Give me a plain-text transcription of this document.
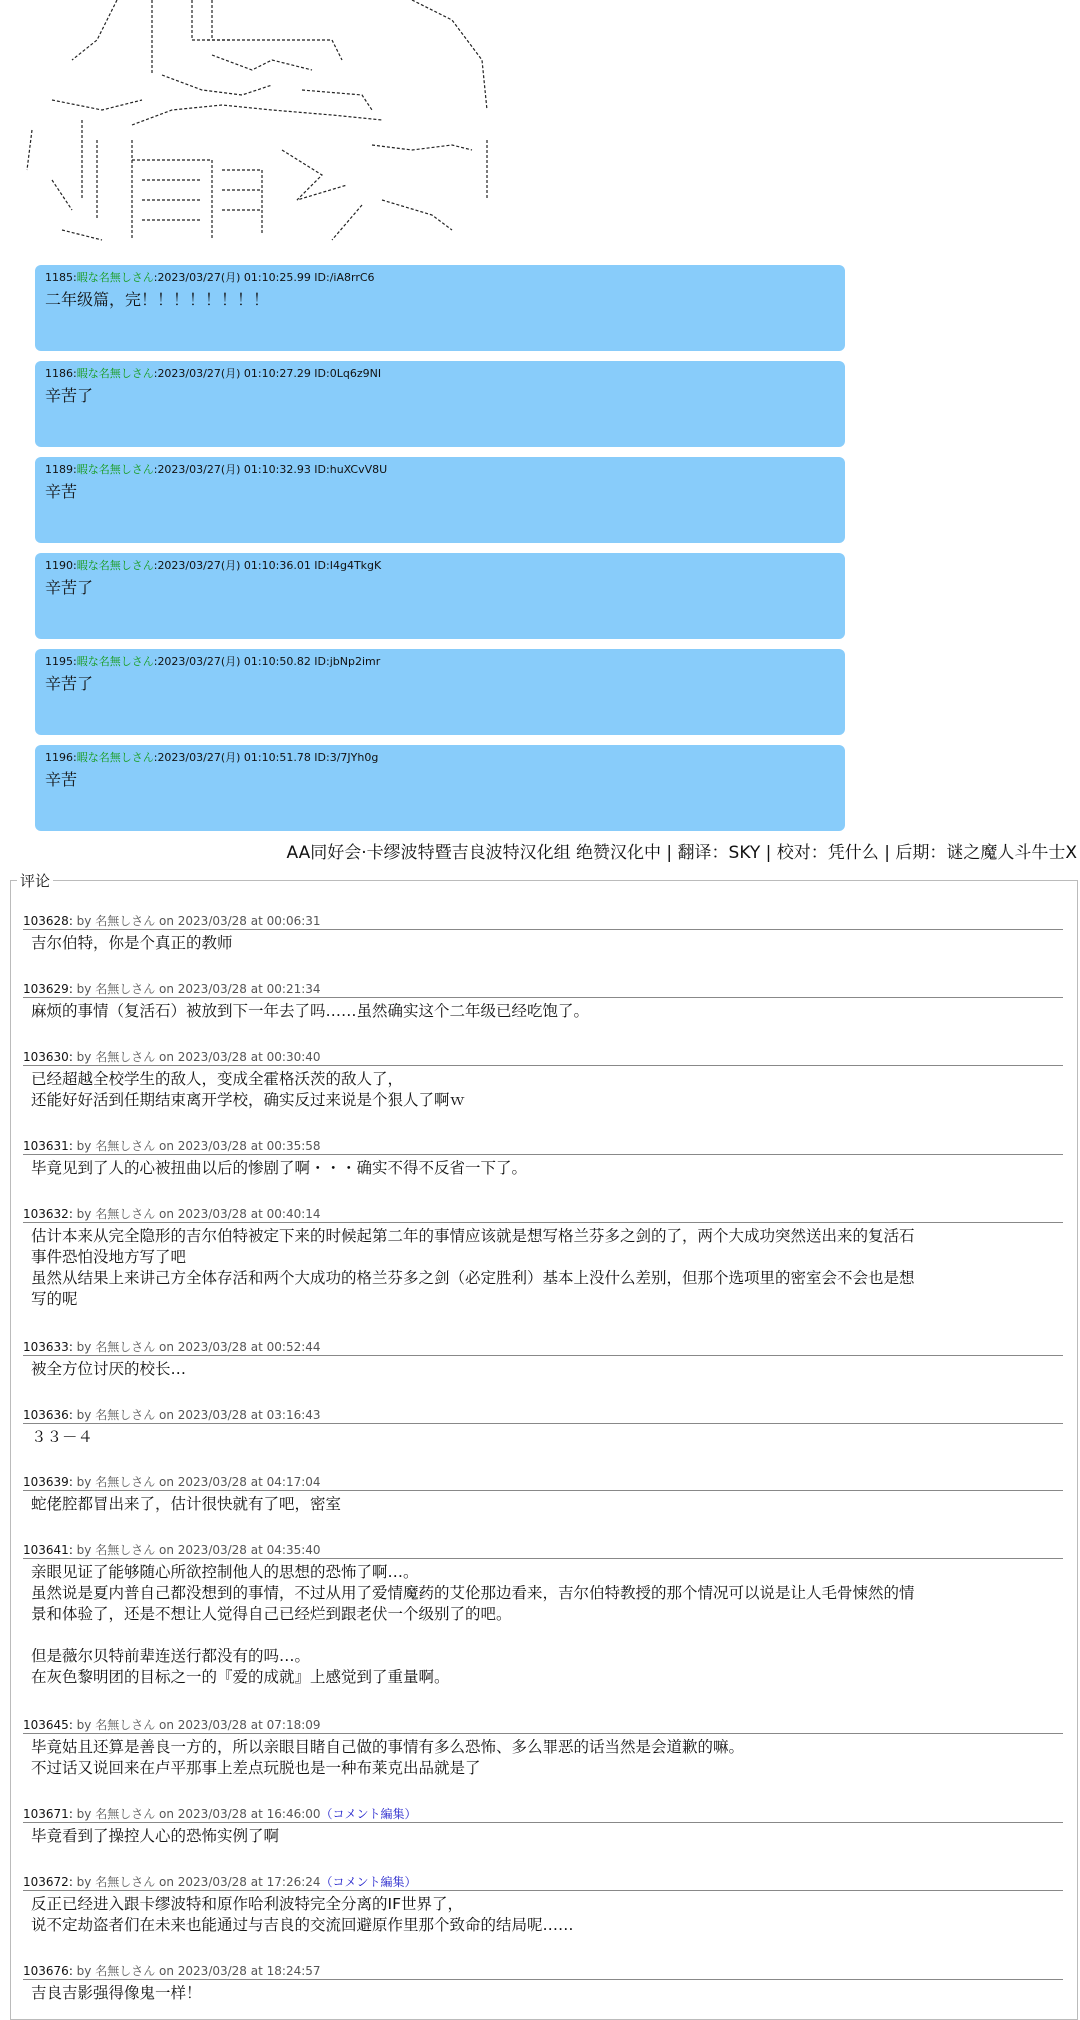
1185:暇な名無しさん:2023/03/27(月) 01:10:25.99 ID:/iA8rrC6
二年级篇，完！！！！！！！！
1186:暇な名無しさん:2023/03/27(月) 01:10:27.29 ID:0Lq6z9NI
辛苦了
1189:暇な名無しさん:2023/03/27(月) 01:10:32.93 ID:huXCvV8U
辛苦
1190:暇な名無しさん:2023/03/27(月) 01:10:36.01 ID:I4g4TkgK
辛苦了
1195:暇な名無しさん:2023/03/27(月) 01:10:50.82 ID:jbNp2imr
辛苦了
1196:暇な名無しさん:2023/03/27(月) 01:10:51.78 ID:3/7JYh0g
辛苦
AA同好会·卡缪波特暨吉良波特汉化组 绝赞汉化中 | 翻译：SKY | 校对：凭什么 | 后期：谜之魔人斗牛士X
评论
103628: by 名無しさん on 2023/03/28 at 00:06:31
吉尔伯特，你是个真正的教师
103629: by 名無しさん on 2023/03/28 at 00:21:34
麻烦的事情（复活石）被放到下一年去了吗……虽然确实这个二年级已经吃饱了。
103630: by 名無しさん on 2023/03/28 at 00:30:40
已经超越全校学生的敌人，变成全霍格沃茨的敌人了，
还能好好活到任期结束离开学校，确实反过来说是个狠人了啊ｗ
103631: by 名無しさん on 2023/03/28 at 00:35:58
毕竟见到了人的心被扭曲以后的惨剧了啊・・・确实不得不反省一下了。
103632: by 名無しさん on 2023/03/28 at 00:40:14
估计本来从完全隐形的吉尔伯特被定下来的时候起第二年的事情应该就是想写格兰芬多之剑的了，两个大成功突然送出来的复活石
事件恐怕没地方写了吧
虽然从结果上来讲己方全体存活和两个大成功的格兰芬多之剑（必定胜利）基本上没什么差别，但那个选项里的密室会不会也是想
写的呢
103633: by 名無しさん on 2023/03/28 at 00:52:44
被全方位讨厌的校长…
103636: by 名無しさん on 2023/03/28 at 03:16:43
３３－４
103639: by 名無しさん on 2023/03/28 at 04:17:04
蛇佬腔都冒出来了，估计很快就有了吧，密室
103641: by 名無しさん on 2023/03/28 at 04:35:40
亲眼见证了能够随心所欲控制他人的思想的恐怖了啊…。
虽然说是夏内普自己都没想到的事情，不过从用了爱情魔药的艾伦那边看来，吉尔伯特教授的那个情况可以说是让人毛骨悚然的情
景和体验了，还是不想让人觉得自己已经烂到跟老伏一个级别了的吧。
但是薇尔贝特前辈连送行都没有的吗…。
在灰色黎明团的目标之一的『爱的成就』上感觉到了重量啊。
103645: by 名無しさん on 2023/03/28 at 07:18:09
毕竟姑且还算是善良一方的，所以亲眼目睹自己做的事情有多么恐怖、多么罪恶的话当然是会道歉的嘛。
不过话又说回来在卢平那事上差点玩脱也是一种布莱克出品就是了
103671: by 名無しさん on 2023/03/28 at 16:46:00（コメント編集）
毕竟看到了操控人心的恐怖实例了啊
103672: by 名無しさん on 2023/03/28 at 17:26:24（コメント編集）
反正已经进入跟卡缪波特和原作哈利波特完全分离的IF世界了，
说不定劫盗者们在未来也能通过与吉良的交流回避原作里那个致命的结局呢……
103676: by 名無しさん on 2023/03/28 at 18:24:57
吉良吉影强得像鬼一样！
